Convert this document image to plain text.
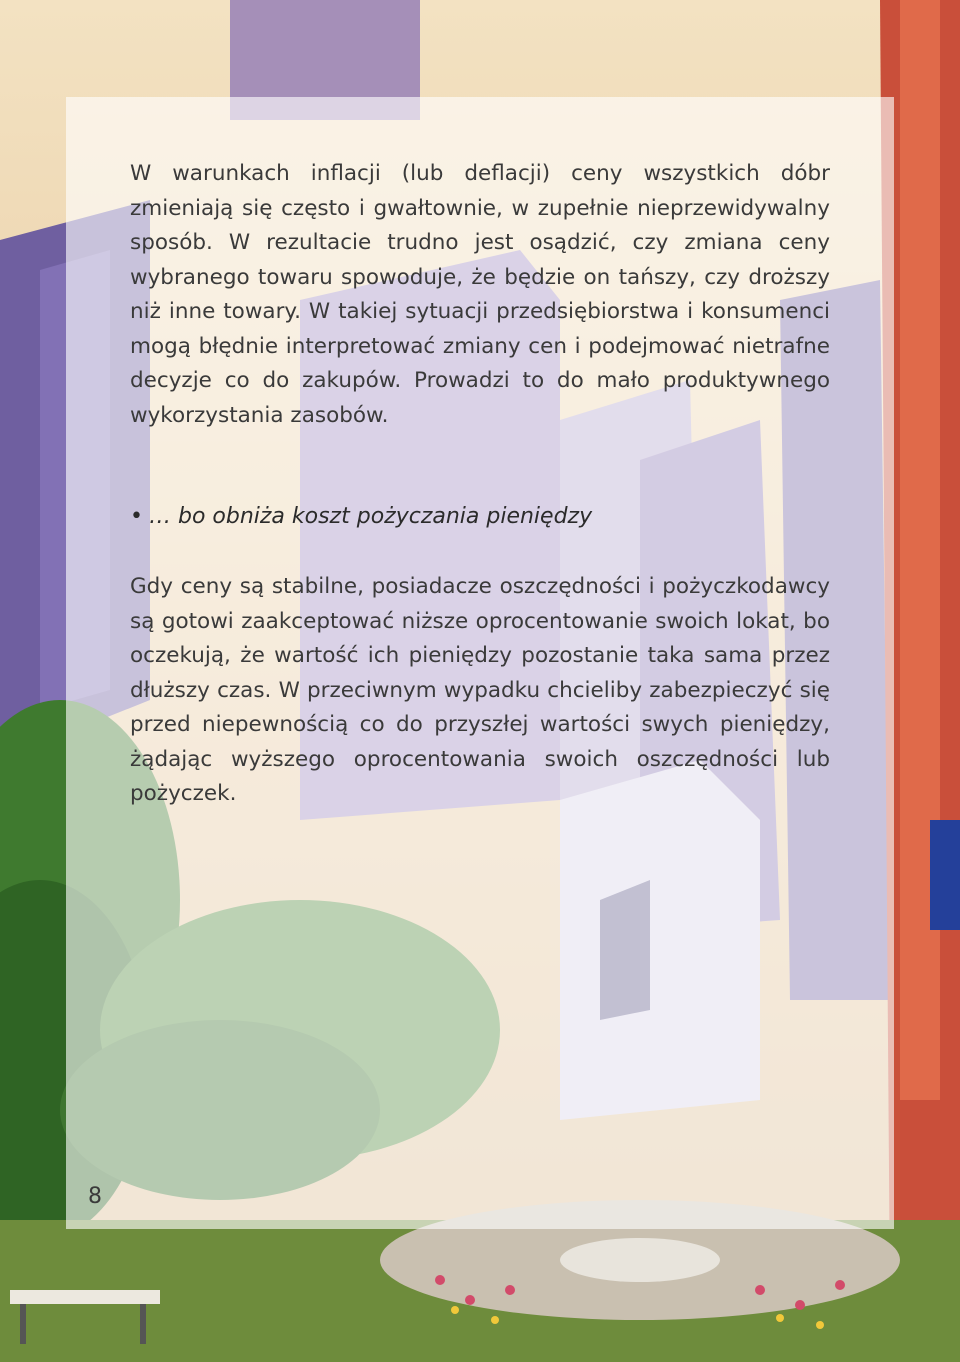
W warunkach inflacji (lub deflacji) ceny wszystkich dóbr zmieniają się często i gwałtownie, w zupełnie nieprzewidywalny sposób. W rezultacie trudno jest osądzić, czy zmiana ceny wybranego towaru spowoduje, że będzie on tańszy, czy droższy niż inne towary. W takiej sytuacji przedsiębiorstwa i konsumenci mogą błędnie interpretować zmiany cen i podejmować nietrafne decyzje co do zakupów. Prowadzi to do mało produktywnego wykorzystania zasobów.

• … bo obniża koszt pożyczania pieniędzy

Gdy ceny są stabilne, posiadacze oszczędności i pożyczkodawcy są gotowi zaakceptować niższe oprocentowanie swoich lokat, bo oczekują, że wartość ich pieniędzy pozostanie taka sama przez dłuższy czas. W przeciwnym wypadku chcieliby zabezpieczyć się przed niepewnością co do przyszłej wartości swych pieniędzy, żądając wyższego oprocentowania swoich oszczędności lub pożyczek.

8
